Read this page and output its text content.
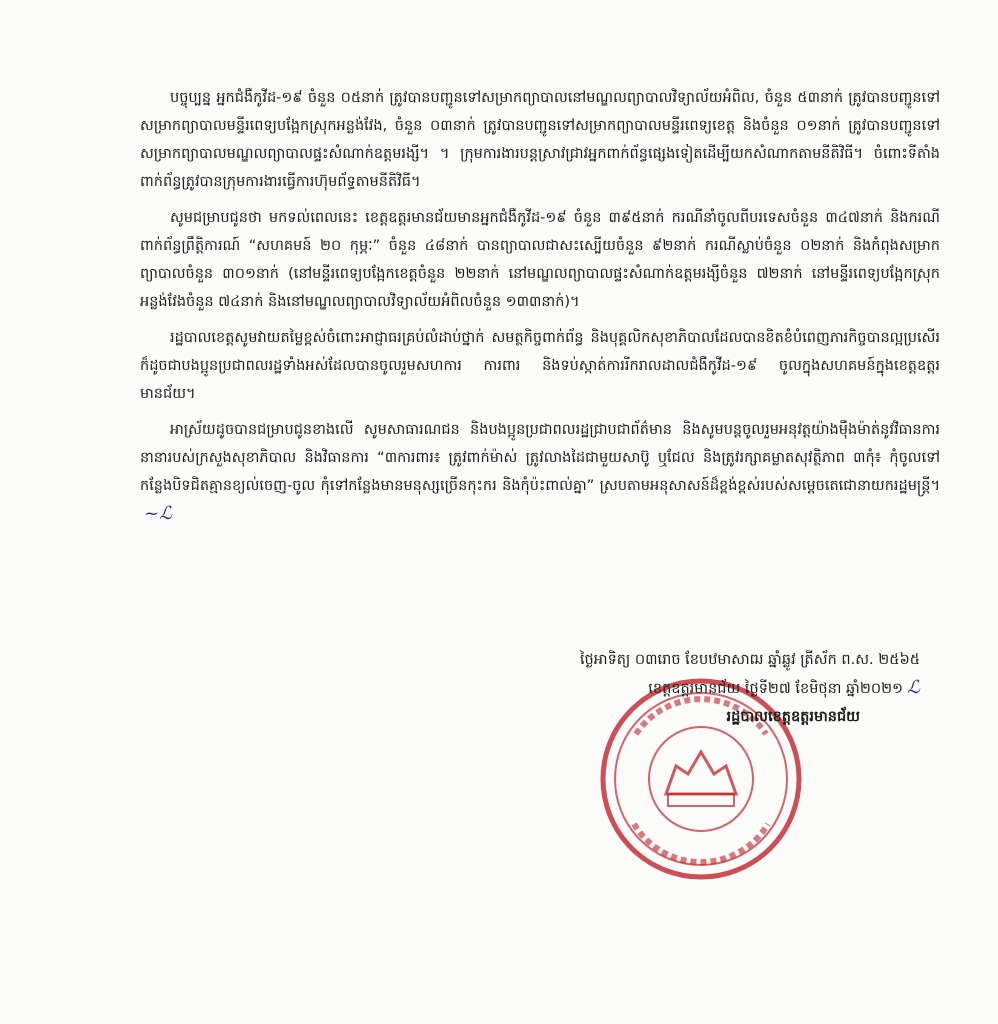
បច្ចុប្បន្ន អ្នកជំងឺកូវីដ-១៩ ចំនួន ០៥នាក់ ត្រូវបានបញ្ជូនទៅសម្រាកព្យាបាលនៅមណ្ឌលព្យាបាលវិទ្យាល័យអំពិល, ចំនួន ៥៣នាក់ ត្រូវបានបញ្ជូនទៅសម្រាកព្យាបាលមន្ទីរពេទ្យបង្អែកស្រុកអន្លង់វែង, ចំនួន ០៣នាក់ ត្រូវបានបញ្ជូនទៅសម្រាកព្យាបាលមន្ទីរពេទ្យខេត្ត និងចំនួន ០១នាក់ ត្រូវបានបញ្ជូនទៅសម្រាកព្យាបាលមណ្ឌលព្យាបាលផ្ទះសំណាក់ឧត្តមរង្សី។ ។ ក្រុមការងារបន្តស្រាវជ្រាវអ្នកពាក់ព័ន្ធផ្សេងទៀតដើម្បីយកសំណាកតាមនីតិវិធី។ ចំពោះទីតាំងពាក់ព័ន្ធត្រូវបានក្រុមការងារធ្វើការហ៊ុមព័ទ្ធតាមនីតិវិធី។

សូមជម្រាបជូនថា មកទល់ពេលនេះ ខេត្តឧត្តរមានជ័យមានអ្នកជំងឺកូវីដ-១៩ ចំនួន ៣៩៥នាក់ ករណីនាំចូលពីបរទេសចំនួន ៣៤៧នាក់ និងករណីពាក់ព័ន្ធព្រឹត្តិការណ៍ “សហគមន៍ ២០ កុម្ភៈ” ចំនួន ៤៨នាក់ បានព្យាបាលជាសះស្បើយចំនួន ៩២នាក់ ករណីស្លាប់ចំនួន ០២នាក់ និងកំពុងសម្រាកព្យាបាលចំនួន ៣០១នាក់ (នៅមន្ទីរពេទ្យបង្អែកខេត្តចំនួន ២២នាក់ នៅមណ្ឌលព្យាបាលផ្ទះសំណាក់ឧត្តមរង្សីចំនួន ៧២នាក់ នៅមន្ទីរពេទ្យបង្អែកស្រុកអន្លង់វែងចំនួន ៧៤នាក់ និងនៅមណ្ឌលព្យាបាលវិទ្យាល័យអំពិលចំនួន ១៣៣នាក់)។

រដ្ឋបាលខេត្តសូមវាយតម្លៃខ្ពស់ចំពោះអាជ្ញាធរគ្រប់លំដាប់ថ្នាក់ សមត្ថកិច្ចពាក់ព័ន្ធ និងបុគ្គលិកសុខាភិបាលដែលបានខិតខំបំពេញភារកិច្ចបានល្អប្រសើរ ក៏ដូចជាបងប្អូនប្រជាពលរដ្ឋទាំងអស់ដែលបានចូលរួមសហការ ការពារ និងទប់ស្កាត់ការរីករាលដាលជំងឺកូវីដ-១៩ ចូលក្នុងសហគមន៍ក្នុងខេត្តឧត្តរមានជ័យ។

អាស្រ័យដូចបានជម្រាបជូនខាងលើ សូមសាធារណជន និងបងប្អូនប្រជាពលរដ្ឋជ្រាបជាព័ត៌មាន និងសូមបន្តចូលរួមអនុវត្តយ៉ាងម៉ឺងម៉ាត់នូវវិធានការនានារបស់ក្រសួងសុខាភិបាល និងវិធានការ “៣ការពារ៖ ត្រូវពាក់ម៉ាស់ ត្រូវលាងដៃជាមួយសាប៊ូ ឬជែល និងត្រូវរក្សាគម្លាតសុវត្ថិភាព ៣កុំ៖ កុំចូលទៅកន្លែងបិទជិតគ្មានខ្យល់ចេញ-ចូល កុំទៅកន្លែងមានមនុស្សច្រើនកុះករ និងកុំប៉ះពាល់គ្នា” ស្របតាមអនុសាសន៍ដ៏ខ្ពង់ខ្ពស់របស់សម្តេចតេជោនាយករដ្ឋមន្ត្រី។~ℒ

ថ្ងៃអាទិត្យ ០៣រោច ខែបឋមាសាឍ ឆ្នាំឆ្លូវ ត្រីស័ក ព.ស. ២៥៦៥
ខេត្តឧត្តរមានជ័យ ថ្ងៃទី២៧ ខែមិថុនា ឆ្នាំ២០២១ ℒ
រដ្ឋបាលខេត្តឧត្តរមានជ័យ
